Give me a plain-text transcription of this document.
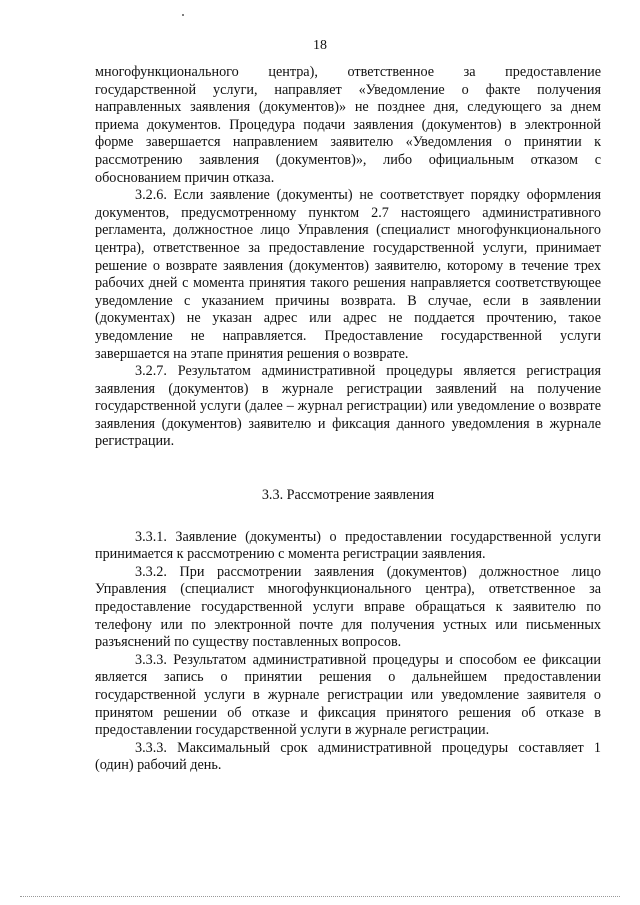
18

многофункционального центра), ответственное за предоставление государственной услуги, направляет «Уведомление о факте получения направленных заявления (документов)» не позднее дня, следующего за днем приема документов. Процедура подачи заявления (документов) в электронной форме завершается направлением заявителю «Уведомления о принятии к рассмотрению заявления (документов)», либо официальным отказом с обоснованием причин отказа.

3.2.6. Если заявление (документы) не соответствует порядку оформления документов, предусмотренному пунктом 2.7 настоящего административного регламента, должностное лицо Управления (специалист многофункционального центра), ответственное за предоставление государственной услуги, принимает решение о возврате заявления (документов) заявителю, которому в течение трех рабочих дней с момента принятия такого решения направляется соответствующее уведомление с указанием причины возврата. В случае, если в заявлении (документах) не указан адрес или адрес не поддается прочтению, такое уведомление не направляется. Предоставление государственной услуги завершается на этапе принятия решения о возврате.

3.2.7. Результатом административной процедуры является регистрация заявления (документов) в журнале регистрации заявлений на получение государственной услуги (далее – журнал регистрации) или уведомление о возврате заявления (документов) заявителю и фиксация данного уведомления в журнале регистрации.

3.3. Рассмотрение заявления

3.3.1. Заявление (документы) о предоставлении государственной услуги принимается к рассмотрению с момента регистрации заявления.

3.3.2. При рассмотрении заявления (документов) должностное лицо Управления (специалист многофункционального центра), ответственное за предоставление государственной услуги вправе обращаться к заявителю по телефону или по электронной почте для получения устных или письменных разъяснений по существу поставленных вопросов.

3.3.3. Результатом административной процедуры и способом ее фиксации является запись о принятии решения о дальнейшем предоставлении государственной услуги в журнале регистрации или уведомление заявителя о принятом решении об отказе и фиксация принятого решения об отказе в предоставлении государственной услуги в журнале регистрации.

3.3.3. Максимальный срок административной процедуры составляет 1 (один) рабочий день.
